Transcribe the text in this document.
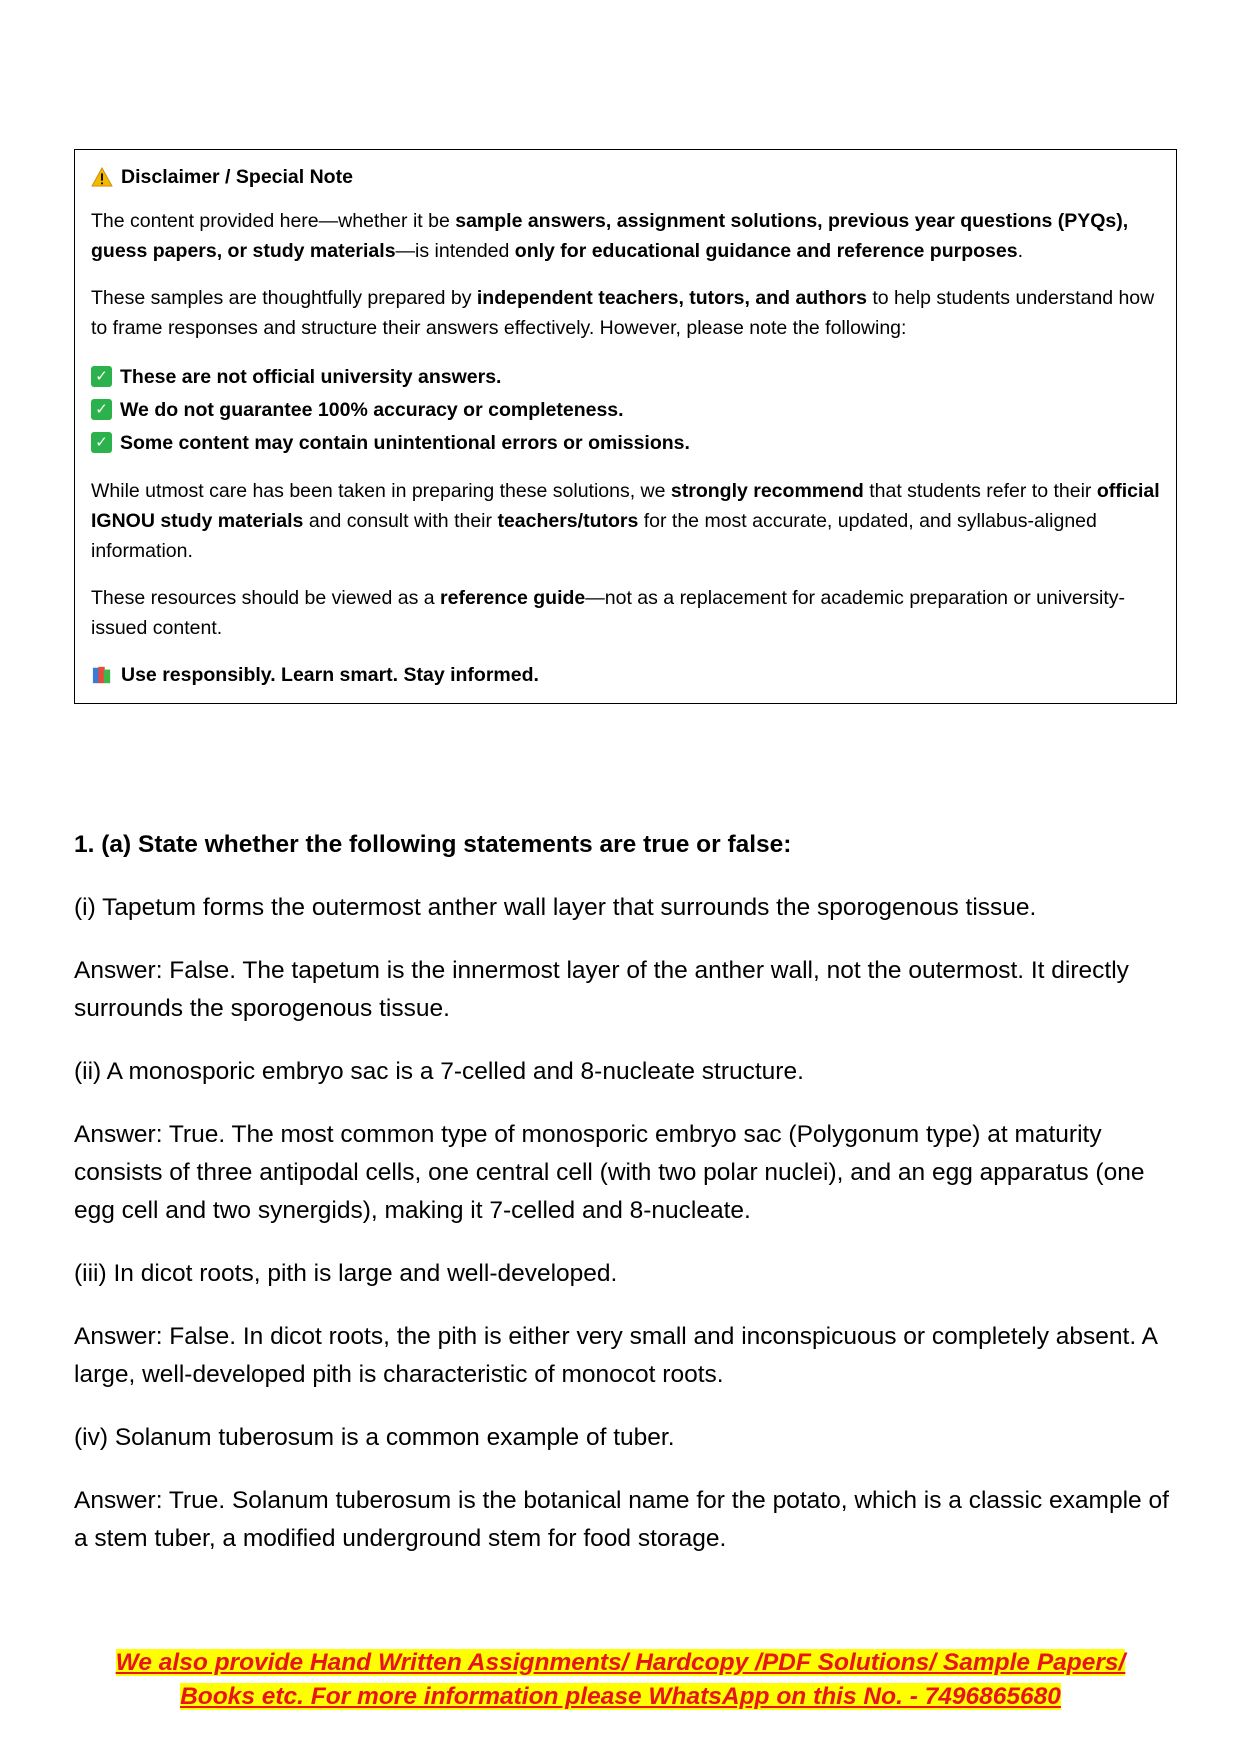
Disclaimer / Special Note

The content provided here—whether it be sample answers, assignment solutions, previous year questions (PYQs), guess papers, or study materials—is intended only for educational guidance and reference purposes.

These samples are thoughtfully prepared by independent teachers, tutors, and authors to help students understand how to frame responses and structure their answers effectively. However, please note the following:

✓ These are not official university answers.
✓ We do not guarantee 100% accuracy or completeness.
✓ Some content may contain unintentional errors or omissions.

While utmost care has been taken in preparing these solutions, we strongly recommend that students refer to their official IGNOU study materials and consult with their teachers/tutors for the most accurate, updated, and syllabus-aligned information.

These resources should be viewed as a reference guide—not as a replacement for academic preparation or university-issued content.

Use responsibly. Learn smart. Stay informed.

1. (a) State whether the following statements are true or false:

(i) Tapetum forms the outermost anther wall layer that surrounds the sporogenous tissue.

Answer: False. The tapetum is the innermost layer of the anther wall, not the outermost. It directly surrounds the sporogenous tissue.

(ii) A monosporic embryo sac is a 7-celled and 8-nucleate structure.

Answer: True. The most common type of monosporic embryo sac (Polygonum type) at maturity consists of three antipodal cells, one central cell (with two polar nuclei), and an egg apparatus (one egg cell and two synergids), making it 7-celled and 8-nucleate.

(iii) In dicot roots, pith is large and well-developed.

Answer: False. In dicot roots, the pith is either very small and inconspicuous or completely absent. A large, well-developed pith is characteristic of monocot roots.

(iv) Solanum tuberosum is a common example of tuber.

Answer: True. Solanum tuberosum is the botanical name for the potato, which is a classic example of a stem tuber, a modified underground stem for food storage.

We also provide Hand Written Assignments/ Hardcopy /PDF Solutions/ Sample Papers/
Books etc. For more information please WhatsApp on this No. - 7496865680
